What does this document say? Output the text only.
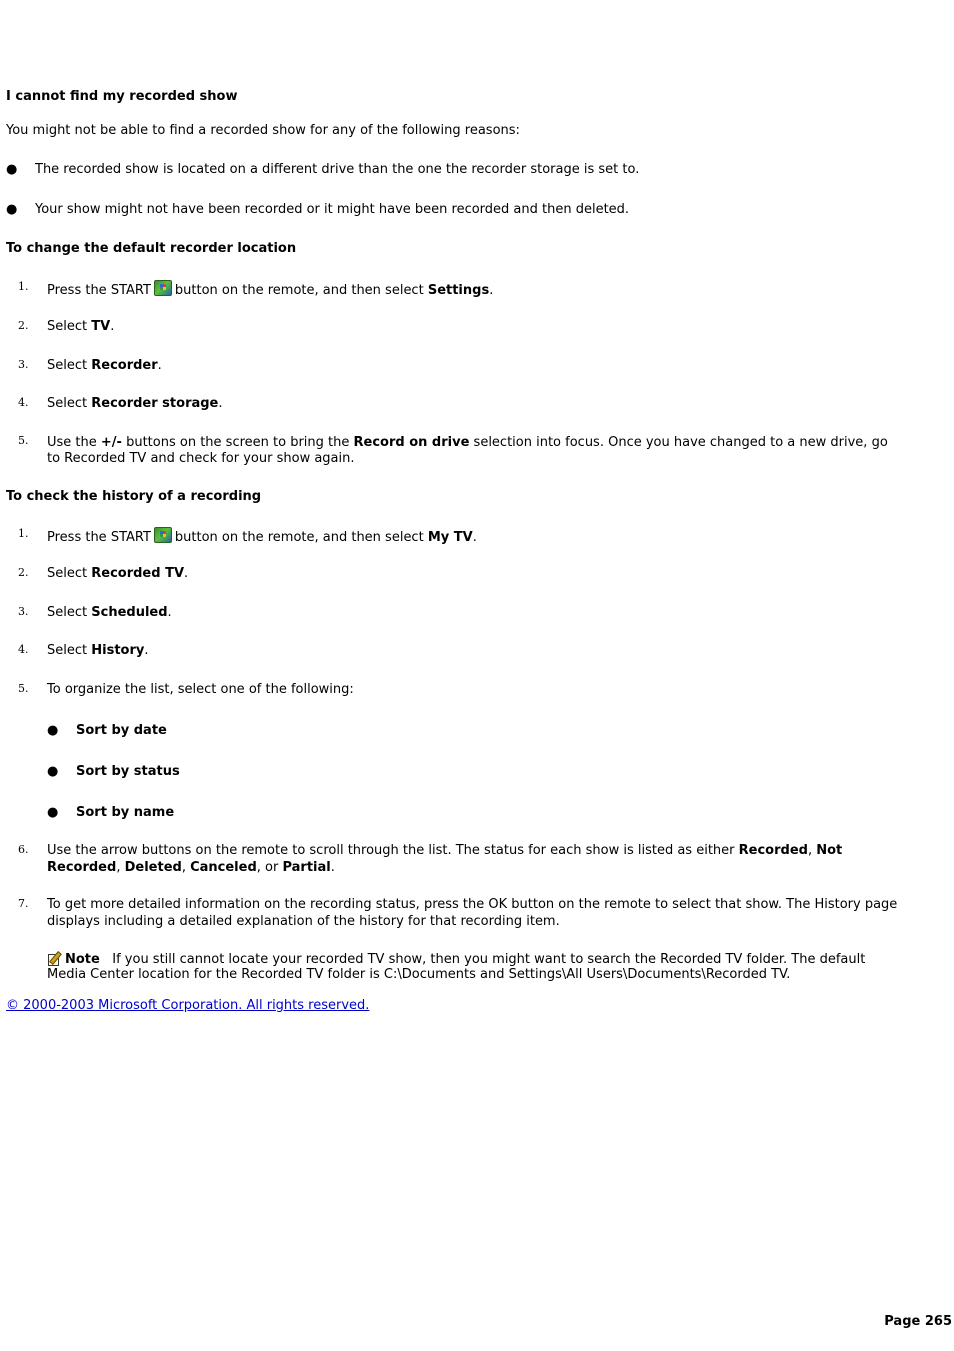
I cannot find my recorded show
You might not be able to find a recorded show for any of the following reasons:
● The recorded show is located on a different drive than the one the recorder storage is set to.
● Your show might not have been recorded or it might have been recorded and then deleted.
To change the default recorder location
1. Press the START button on the remote, and then select Settings.
2. Select TV.
3. Select Recorder.
4. Select Recorder storage.
5. Use the +/- buttons on the screen to bring the Record on drive selection into focus. Once you have changed to a new drive, go
to Recorded TV and check for your show again.
To check the history of a recording
1. Press the START button on the remote, and then select My TV.
2. Select Recorded TV.
3. Select Scheduled.
4. Select History.
5. To organize the list, select one of the following:
● Sort by date
● Sort by status
● Sort by name
6. Use the arrow buttons on the remote to scroll through the list. The status for each show is listed as either Recorded, Not
Recorded, Deleted, Canceled, or Partial.
7. To get more detailed information on the recording status, press the OK button on the remote to select that show. The History page
displays including a detailed explanation of the history for that recording item.
Note If you still cannot locate your recorded TV show, then you might want to search the Recorded TV folder. The default
Media Center location for the Recorded TV folder is C:\Documents and Settings\All Users\Documents\Recorded TV.
© 2000-2003 Microsoft Corporation. All rights reserved.
Page 265
